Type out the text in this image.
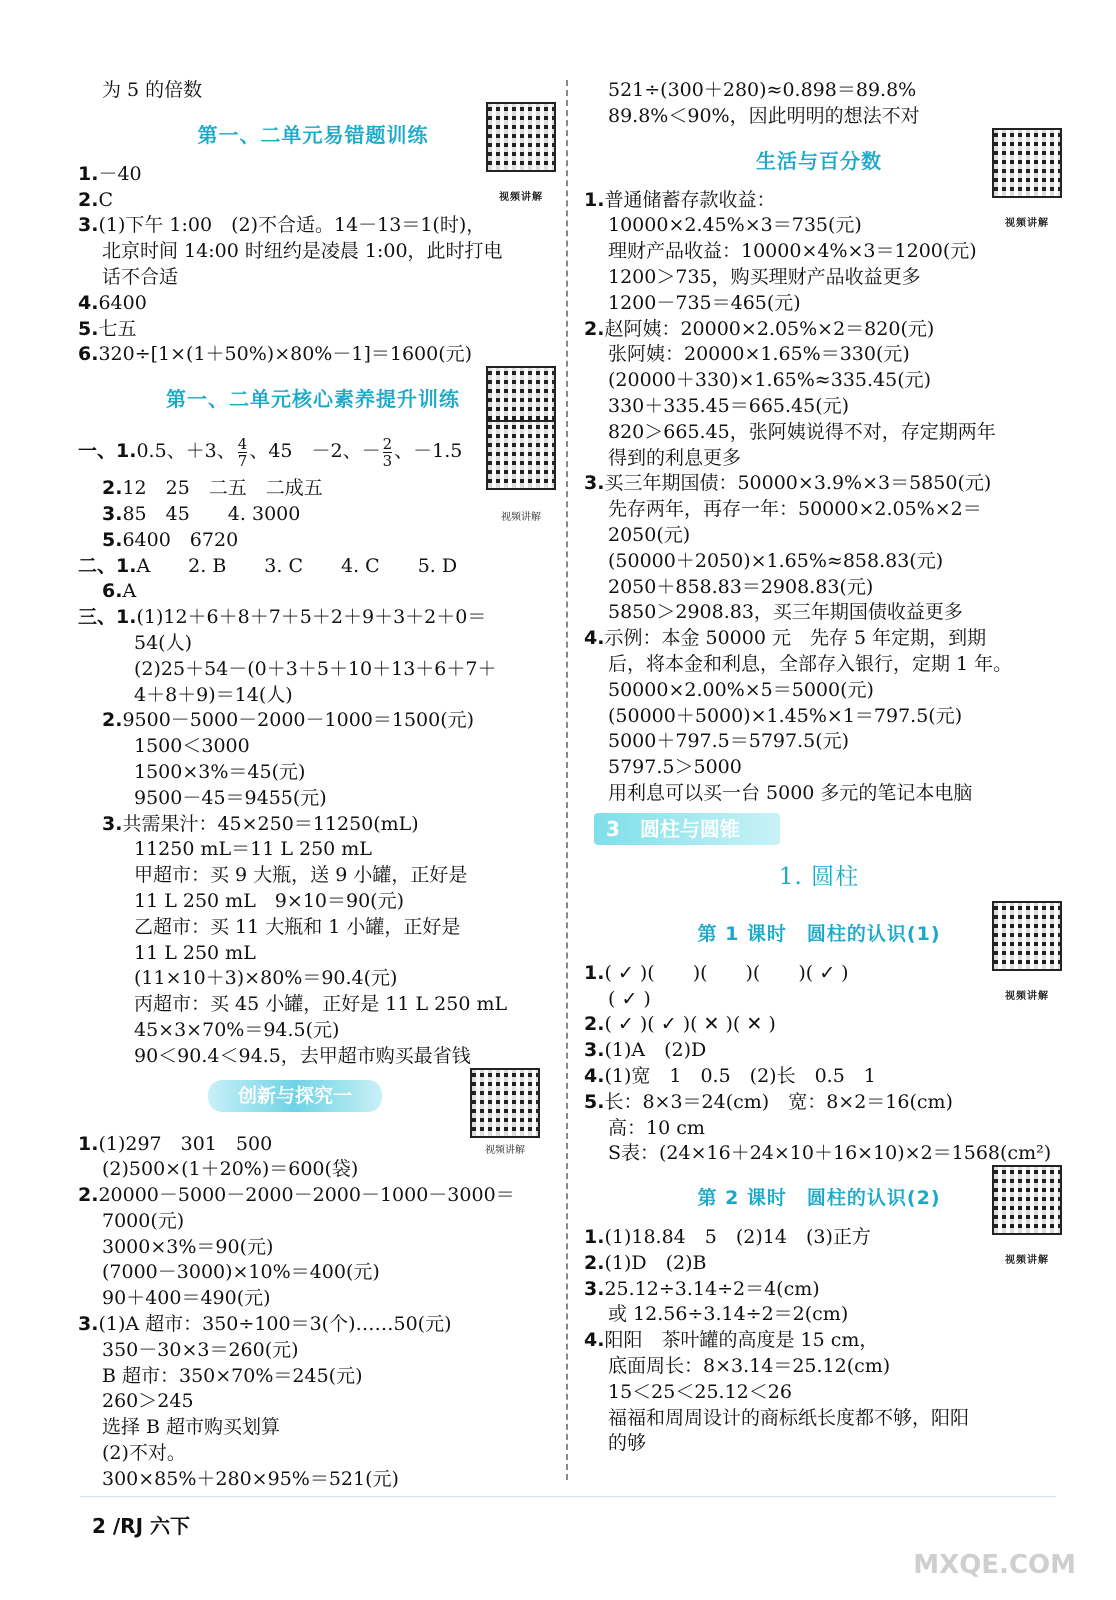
为 5 的倍数
第一、二单元易错题训练
视频讲解
1.－40
2.C
3.(1)下午 1:00　(2)不合适。14－13＝1(时)，
北京时间 14:00 时纽约是凌晨 1:00，此时打电
话不合适
4.6400
5.七五
6.320÷[1×(1＋50%)×80%－1]＝1600(元)
第一、二单元核心素养提升训练
一、1.0.5、＋3、 $\frac{4}{7}$ 、45　－2、－ $\frac{2}{3}$ 、－1.5
视频讲解
2.12　25　二五　二成五
3.85　45　　4. 3000
5.6400　6720
二、1.A　　2. B　　3. C　　4. C　　5. D
6.A
三、1.(1)12＋6＋8＋7＋5＋2＋9＋3＋2＋0＝
54(人)
(2)25＋54－(0＋3＋5＋10＋13＋6＋7＋
4＋8＋9)＝14(人)
2.9500－5000－2000－1000＝1500(元)
1500＜3000
1500×3%＝45(元)
9500－45＝9455(元)
3.共需果汁：45×250＝11250(mL)
11250 mL＝11 L 250 mL
甲超市：买 9 大瓶，送 9 小罐，正好是
11 L 250 mL　9×10＝90(元)
乙超市：买 11 大瓶和 1 小罐，正好是
11 L 250 mL
(11×10＋3)×80%＝90.4(元)
丙超市：买 45 小罐，正好是 11 L 250 mL
45×3×70%＝94.5(元)
90＜90.4＜94.5，去甲超市购买最省钱
创新与探究一
视频讲解
1.(1)297　301　500
(2)500×(1＋20%)＝600(袋)
2.20000－5000－2000－2000－1000－3000＝
7000(元)
3000×3%＝90(元)
(7000－3000)×10%＝400(元)
90＋400＝490(元)
3.(1)A 超市：350÷100＝3(个)……50(元)
350－30×3＝260(元)
B 超市：350×70%＝245(元)
260＞245
选择 B 超市购买划算
(2)不对。
300×85%＋280×95%＝521(元)
521÷(300＋280)≈0.898＝89.8%
89.8%＜90%，因此明明的想法不对
生活与百分数
视频讲解
1.普通储蓄存款收益：
10000×2.45%×3＝735(元)
理财产品收益：10000×4%×3＝1200(元)
1200＞735，购买理财产品收益更多
1200－735＝465(元)
2.赵阿姨：20000×2.05%×2＝820(元)
张阿姨：20000×1.65%＝330(元)
(20000＋330)×1.65%≈335.45(元)
330＋335.45＝665.45(元)
820＞665.45，张阿姨说得不对，存定期两年
得到的利息更多
3.买三年期国债：50000×3.9%×3＝5850(元)
先存两年，再存一年：50000×2.05%×2＝
2050(元)
(50000＋2050)×1.65%≈858.83(元)
2050＋858.83＝2908.83(元)
5850＞2908.83，买三年期国债收益更多
4.示例：本金 50000 元　先存 5 年定期，到期
后，将本金和利息，全部存入银行，定期 1 年。
50000×2.00%×5＝5000(元)
(50000＋5000)×1.45%×1＝797.5(元)
5000＋797.5＝5797.5(元)
5797.5＞5000
用利息可以买一台 5000 多元的笔记本电脑
3　圆柱与圆锥
1. 圆柱
第 1 课时　圆柱的认识(1)
视频讲解
1.( ✓ )(　　)(　　)(　　)( ✓ )
( ✓ )
2.( ✓ )( ✓ )( ✕ )( ✕ )
3.(1)A　(2)D
4.(1)宽　1　0.5　(2)长　0.5　1
5.长：8×3＝24(cm)　宽：8×2＝16(cm)
高：10 cm
S表：(24×16＋24×10＋16×10)×2＝1568(cm²)
第 2 课时　圆柱的认识(2)
视频讲解
1.(1)18.84　5　(2)14　(3)正方
2.(1)D　(2)B
3.25.12÷3.14÷2＝4(cm)
或 12.56÷3.14÷2＝2(cm)
4.阳阳　茶叶罐的高度是 15 cm，
底面周长：8×3.14＝25.12(cm)
15＜25＜25.12＜26
福福和周周设计的商标纸长度都不够，阳阳
的够
2 /RJ 六下
MXQE.COM
